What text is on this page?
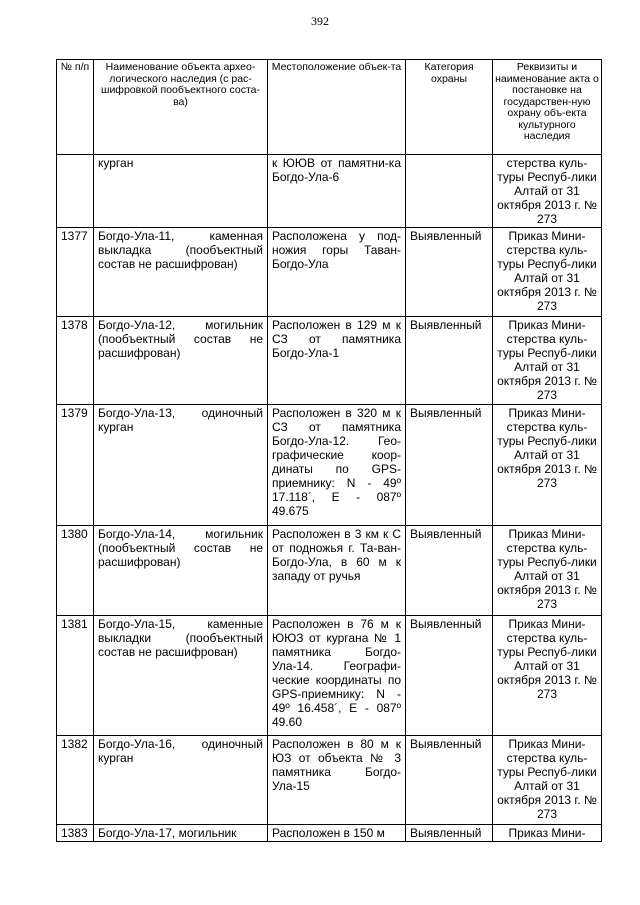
392
№ п/п	Наименование объекта архео-логического наследия (с рас-шифровкой пообъектного соста-ва)	Местоположение объек-та	Категория охраны	Реквизиты и наименование акта о постановке на государствен-ную охрану объ-екта культурного наследия
	курган	к ЮЮВ от памятни-ка Богдо-Ула-6		стерства куль-туры Респуб-лики Алтай от 31 октября 2013 г. № 273
1377	Богдо-Ула-11, каменная выкладка (пообъектный состав не расшифрован)	Расположена у под-ножия горы Таван-Богдо-Ула	Выявленный	Приказ Мини-стерства куль-туры Респуб-лики Алтай от 31 октября 2013 г. № 273
1378	Богдо-Ула-12, могильник (пообъектный состав не расшифрован)	Расположен в 129 м к СЗ от памятника Богдо-Ула-1	Выявленный	Приказ Мини-стерства куль-туры Респуб-лики Алтай от 31 октября 2013 г. № 273
1379	Богдо-Ула-13, одиночный курган	Расположен в 320 м к СЗ от памятника Богдо-Ула-12. Гео-графические коор-динаты по GPS-приемнику: N - 49º 17.118´, Е - 087º 49.675	Выявленный	Приказ Мини-стерства куль-туры Респуб-лики Алтай от 31 октября 2013 г. № 273
1380	Богдо-Ула-14, могильник (пообъектный состав не расшифрован)	Расположен в 3 км к С от подножья г. Та-ван-Богдо-Ула, в 60 м к западу от ручья	Выявленный	Приказ Мини-стерства куль-туры Респуб-лики Алтай от 31 октября 2013 г. № 273
1381	Богдо-Ула-15, каменные выкладки (пообъектный состав не расшифрован)	Расположен в 76 м к ЮЮЗ от кургана № 1 памятника Богдо-Ула-14. Географи-ческие координаты по GPS-приемнику: N - 49º 16.458´, Е - 087º 49.60	Выявленный	Приказ Мини-стерства куль-туры Респуб-лики Алтай от 31 октября 2013 г. № 273
1382	Богдо-Ула-16, одиночный курган	Расположен в 80 м к ЮЗ от объекта № 3 памятника Богдо-Ула-15	Выявленный	Приказ Мини-стерства куль-туры Респуб-лики Алтай от 31 октября 2013 г. № 273
1383	Богдо-Ула-17, могильник	Расположен в 150 м	Выявленный	Приказ Мини-
